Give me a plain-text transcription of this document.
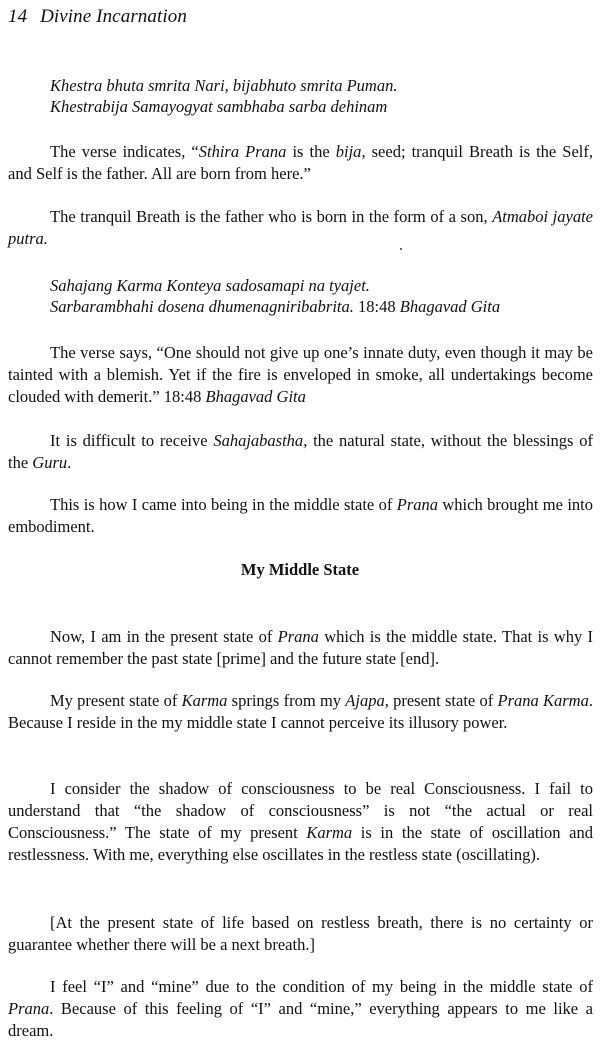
14 Divine Incarnation
Khestra bhuta smrita Nari, bijabhuto smrita Puman.
Khestrabija Samayogyat sambhaba sarba dehinam
The verse indicates, “Sthira Prana is the bija, seed; tranquil Breath is the Self, and Self is the father. All are born from here.”
The tranquil Breath is the father who is born in the form of a son, Atmaboi jayate putra.
Sahajang Karma Konteya sadosamapi na tyajet.
Sarbarambhahi dosena dhumenagniribabrita. 18:48 Bhagavad Gita
The verse says, “One should not give up one’s innate duty, even though it may be tainted with a blemish. Yet if the fire is enveloped in smoke, all undertakings become clouded with demerit.” 18:48 Bhagavad Gita
It is difficult to receive Sahajabastha, the natural state, without the blessings of the Guru.
This is how I came into being in the middle state of Prana which brought me into embodiment.
My Middle State
Now, I am in the present state of Prana which is the middle state. That is why I cannot remember the past state [prime] and the future state [end].
My present state of Karma springs from my Ajapa, present state of Prana Karma. Because I reside in the my middle state I cannot perceive its illusory power.
I consider the shadow of consciousness to be real Consciousness. I fail to understand that “the shadow of consciousness” is not “the actual or real Consciousness.” The state of my present Karma is in the state of oscillation and restlessness. With me, everything else oscillates in the restless state (oscillating).
[At the present state of life based on restless breath, there is no certainty or guarantee whether there will be a next breath.]
I feel “I” and “mine” due to the condition of my being in the middle state of Prana. Because of this feeling of “I” and “mine,” everything appears to me like a dream.
